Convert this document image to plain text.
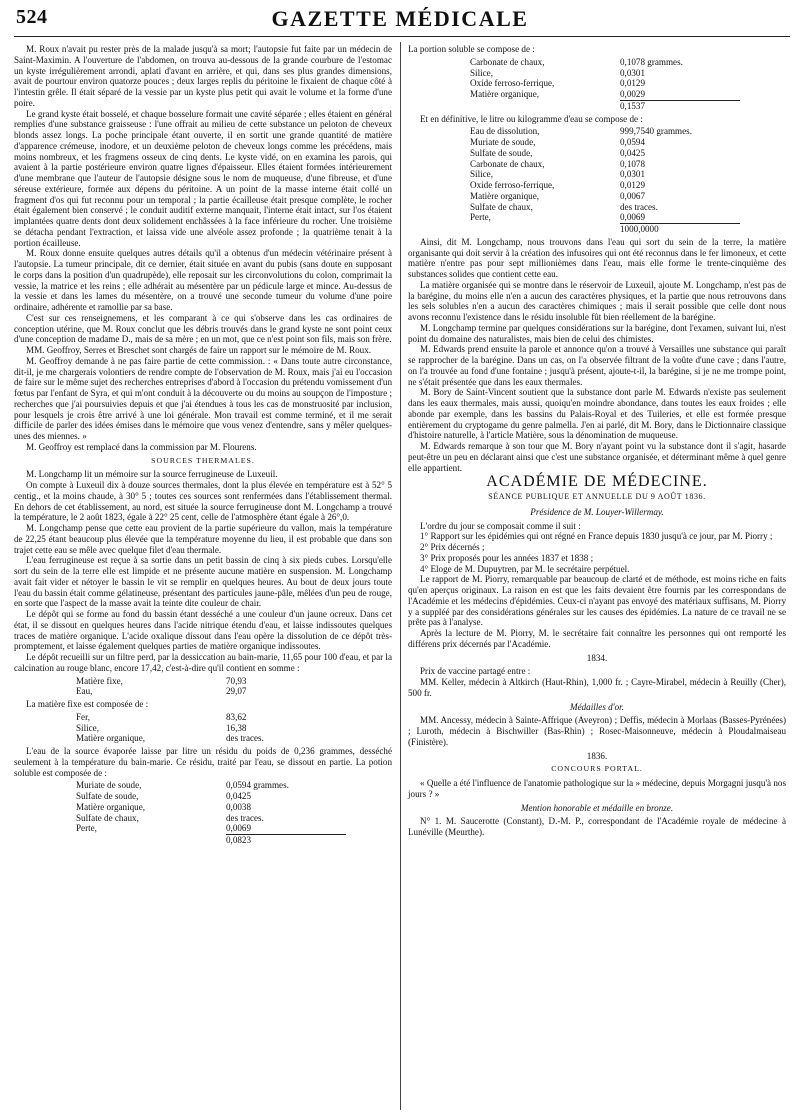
524	GAZETTE MÉDICALE

M. Roux n'avait pu rester près de la malade jusqu'à sa mort; l'autopsie fut faite par un médecin de Saint-Maximin. A l'ouverture de l'abdomen, on trouva au-dessous de la grande courbure de l'estomac un kyste irrégulièrement arrondi, aplati d'avant en arrière, et qui, dans ses plus grandes dimensions, avait de pourtour environ quatorze pouces ; deux larges replis du péritoine le fixaient de chaque côté à l'intestin grêle. Il était séparé de la vessie par un kyste plus petit qui avait le volume et la forme d'une poire.

Le grand kyste était bosselé, et chaque bosselure formait une cavité séparée ; elles étaient en général remplies d'une substance graisseuse : l'une offrait au milieu de cette substance un peloton de cheveux blonds assez longs. La poche principale étant ouverte, il en sortit une grande quantité de matière d'apparence crémeuse, inodore, et un deuxième peloton de cheveux longs comme les précédens, mais moins nombreux, et les fragmens osseux de cinq dents. Le kyste vidé, on en examina les parois, qui avaient à la partie postérieure environ quatre lignes d'épaisseur. Elles étaient formées intérieurement d'une membrane que l'auteur de l'autopsie désigne sous le nom de muqueuse, d'une fibreuse, et d'une séreuse extérieure, formée aux dépens du péritoine. A un point de la masse interne était collé un fragment d'os qui fut reconnu pour un temporal ; la partie écailleuse était presque complète, le rocher était également bien conservé ; le conduit auditif externe manquait, l'interne était intact, sur l'os étaient implantées quatre dents dont deux solidement enchâssées à la face inférieure du rocher. Une troisième se détacha pendant l'extraction, et laissa vide une alvéole assez profonde ; la quatrième tenait à la portion écailleuse.

M. Roux donne ensuite quelques autres détails qu'il a obtenus d'un médecin vétérinaire présent à l'autopsie. La tumeur principale, dit ce dernier, était située en avant du pubis (sans doute en supposant le corps dans la position d'un quadrupède), elle reposait sur les circonvolutions du colon, comprimait la vessie, la matrice et les reins ; elle adhérait au mésentère par un pédicule large et mince. Au-dessus de la vessie et dans les lames du mésentère, on a trouvé une seconde tumeur du volume d'une poire ordinaire, adhérente et ramollie par sa base.

C'est sur ces renseignemens, et les comparant à ce qui s'observe dans les cas ordinaires de conception utérine, que M. Roux conclut que les débris trouvés dans le grand kyste ne sont point ceux d'une conception de madame D., mais de sa mère ; en un mot, que ce n'est point son fils, mais son frère.

MM. Geoffroy, Serres et Breschet sont chargés de faire un rapport sur le mémoire de M. Roux.

M. Geoffroy demande à ne pas faire partie de cette commission. : « Dans toute autre circonstance, dit-il, je me chargerais volontiers de rendre compte de l'observation de M. Roux, mais j'ai eu l'occasion de faire sur le même sujet des recherches entreprises d'abord à l'occasion du prétendu vomissement d'un fœtus par l'enfant de Syra, et qui m'ont conduit à la découverte ou du moins au soupçon de l'imposture ; recherches que j'ai poursuivies depuis et que j'ai étendues à tous les cas de monstruosité par inclusion, pour lesquels je crois être arrivé à une loi générale. Mon travail est comme terminé, et il me serait difficile de parler des idées émises dans le mémoire que vous venez d'entendre, sans y mêler quelques-unes des miennes. »

M. Geoffroy est remplacé dans la commission par M. Flourens.

SOURCES THERMALES.

M. Longchamp lit un mémoire sur la source ferrugineuse de Luxeuil.

On compte à Luxeuil dix à douze sources thermales, dont la plus élevée en température est à 52° 5 centig., et la moins chaude, à 30° 5 ; toutes ces sources sont renfermées dans l'établissement thermal. En dehors de cet établissement, au nord, est située la source ferrugineuse dont M. Longchamp a trouvé la température, le 2 août 1823, égale à 22° 25 cent, celle de l'atmosphère étant égale à 26°,0.

M. Longchamp pense que cette eau provient de la partie supérieure du vallon, mais la température de 22,25 étant beaucoup plus élevée que la température moyenne du lieu, il est probable que dans son trajet cette eau se mêle avec quelque filet d'eau thermale.

L'eau ferrugineuse est reçue à sa sortie dans un petit bassin de cinq à six pieds cubes. Lorsqu'elle sort du sein de la terre elle est limpide et ne présente aucune matière en suspension. M. Longchamp avait fait vider et nétoyer le bassin le vit se remplir en quelques heures. Au bout de deux jours toute l'eau du bassin était comme gélatineuse, présentant des particules jaune-pâle, mêlées d'un peu de rouge, en sorte que l'aspect de la masse avait la teinte dite couleur de chair.

Le dépôt qui se forme au fond du bassin étant desséché a une couleur d'un jaune ocreux. Dans cet état, il se dissout en quelques heures dans l'acide nitrique étendu d'eau, et laisse indissoutes quelques traces de matière organique. L'acide oxalique dissout dans l'eau opère la dissolution de ce dépôt très-promptement, et laisse également quelques parties de matière organique indissoutes.

Le dépôt recueilli sur un filtre perd, par la dessiccation au bain-marie, 11,65 pour 100 d'eau, et par la calcination au rouge blanc, encore 17,42, c'est-à-dire qu'il contient en somme :

Matière fixe,	70,93
Eau,	29,07

La matière fixe est composée de :

Fer,	83,62
Silice,	16,38
Matière organique,	des traces.

L'eau de la source évaporée laisse par litre un résidu du poids de 0,236 grammes, desséché seulement à la température du bain-marie. Ce résidu, traité par l'eau, se dissout en partie. La potion soluble est composée de :

Muriate de soude,	0,0594 grammes.
Sulfate de soude,	0,0425
Matière organique,	0,0038
Sulfate de chaux,	des traces.
Perte,	0,0069
	0,0823

La portion soluble se compose de :

Carbonate de chaux,	0,1078 grammes.
Silice,	0,0301
Oxide ferroso-ferrique,	0,0129
Matière organique,	0,0029
	0,1537

Et en définitive, le litre ou kilogramme d'eau se compose de :

Eau de dissolution,	999,7540 grammes.
Muriate de soude,	0,0594
Sulfate de soude,	0,0425
Carbonate de chaux,	0,1078
Silice,	0,0301
Oxide ferroso-ferrique,	0,0129
Matière organique,	0,0067
Sulfate de chaux,	des traces.
Perte,	0,0069
	1000,0000

Ainsi, dit M. Longchamp, nous trouvons dans l'eau qui sort du sein de la terre, la matière organisante qui doit servir à la création des infusoires qui ont été reconnus dans le fer limoneux, et cette matière n'entre pas pour sept millionièmes dans l'eau, mais elle forme le trente-cinquième des substances solides que contient cette eau.

La matière organisée qui se montre dans le réservoir de Luxeuil, ajoute M. Longchamp, n'est pas de la barégine, du moins elle n'en a aucun des caractères physiques, et la partie que nous retrouvons dans les sels solubles n'en a aucun des caractères chimiques ; mais il serait possible que celle dont nous avons reconnu l'existence dans le résidu insoluble fût bien réellement de la barégine.

M. Longchamp termine par quelques considérations sur la barégine, dont l'examen, suivant lui, n'est point du domaine des naturalistes, mais bien de celui des chimistes.

M. Edwards prend ensuite la parole et annonce qu'on a trouvé à Versailles une substance qui paraît se rapprocher de la barégine. Dans un cas, on l'a observée filtrant de la voûte d'une cave ; dans l'autre, on l'a trouvée au fond d'une fontaine ; jusqu'à présent, ajoute-t-il, la barégine, si je ne me trompe point, ne s'était présentée que dans les eaux thermales.

M. Bory de Saint-Vincent soutient que la substance dont parle M. Edwards n'existe pas seulement dans les eaux thermales, mais aussi, quoiqu'en moindre abondance, dans toutes les eaux froides ; elle abonde par exemple, dans les bassins du Palais-Royal et des Tuileries, et elle est formée presque entièrement du cryptogame du genre palmella. J'en ai parlé, dit M. Bory, dans le Dictionnaire classique d'histoire naturelle, à l'article Matière, sous la dénomination de muqueuse.

M. Edwards remarque à son tour que M. Bory n'ayant point vu la substance dont il s'agit, hasarde peut-être un peu en déclarant ainsi que c'est une substance organisée, et déterminant même à quel genre elle appartient.

ACADÉMIE DE MÉDECINE.
SÉANCE PUBLIQUE ET ANNUELLE DU 9 AOÛT 1836.
Présidence de M. Louyer-Willermay.

L'ordre du jour se composait comme il suit :

1° Rapport sur les épidémies qui ont régné en France depuis 1830 jusqu'à ce jour, par M. Piorry ;

2° Prix décernés ;

3° Prix proposés pour les années 1837 et 1838 ;

4° Eloge de M. Dupuytren, par M. le secrétaire perpétuel.

Le rapport de M. Piorry, remarquable par beaucoup de clarté et de méthode, est moins riche en faits qu'en aperçus originaux. La raison en est que les faits devaient être fournis par les correspondans de l'Académie et les médecins d'épidémies. Ceux-ci n'ayant pas envoyé des matériaux suffisans, M. Piorry y a suppléé par des considérations générales sur les causes des épidémies. La nature de ce travail ne se prête pas à l'analyse.

Après la lecture de M. Piorry, M. le secrétaire fait connaître les personnes qui ont remporté les différens prix décernés par l'Académie.

1834.

Prix de vaccine partagé entre :

MM. Keller, médecin à Altkirch (Haut-Rhin), 1,000 fr. ; Cayre-Mirabel, médecin à Reuilly (Cher), 500 fr.

Médailles d'or.

MM. Ancessy, médecin à Sainte-Affrique (Aveyron) ; Deffis, médecin à Morlaas (Basses-Pyrénées) ; Luroth, médecin à Bischwiller (Bas-Rhin) ; Rosec-Maisonneuve, médecin à Ploudalmaiseau (Finistère).

1836.
CONCOURS PORTAL.

« Quelle a été l'influence de l'anatomie pathologique sur la » médecine, depuis Morgagni jusqu'à nos jours ? »

Mention honorable et médaille en bronze.

N° 1. M. Saucerotte (Constant), D.-M. P., correspondant de l'Académie royale de médecine à Lunéville (Meurthe).
